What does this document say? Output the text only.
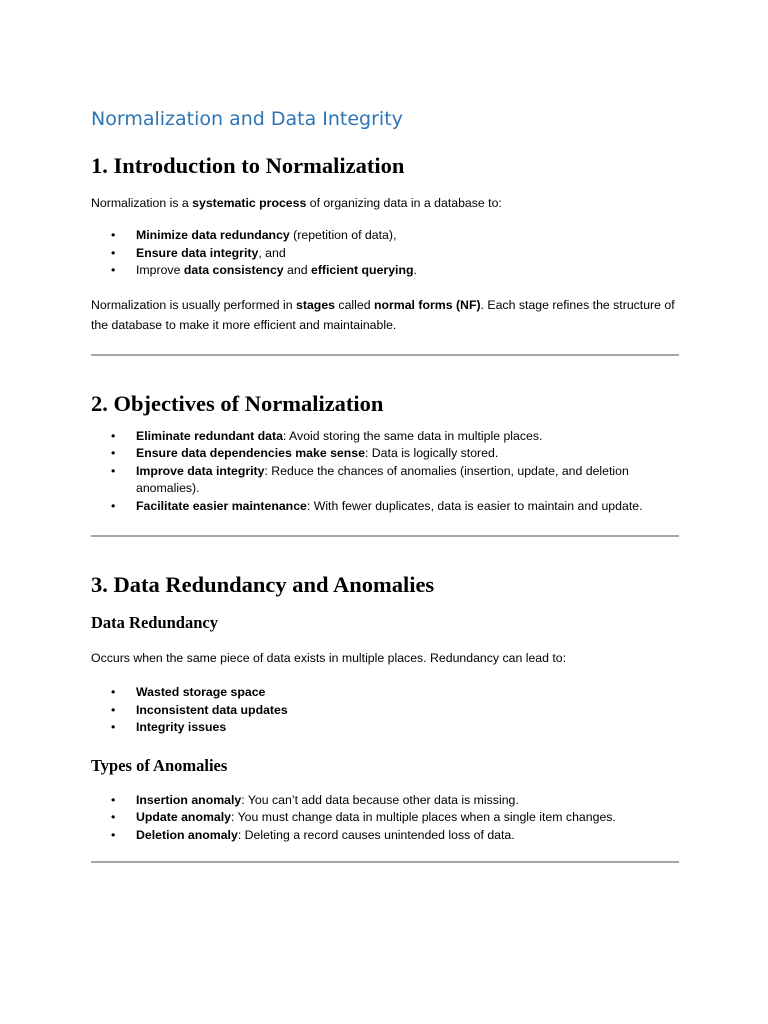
Normalization and Data Integrity
1. Introduction to Normalization

Normalization is a systematic process of organizing data in a database to:

• Minimize data redundancy (repetition of data),
• Ensure data integrity, and
• Improve data consistency and efficient querying.

Normalization is usually performed in stages called normal forms (NF). Each stage refines the structure of the database to make it more efficient and maintainable.

2. Objectives of Normalization
• Eliminate redundant data: Avoid storing the same data in multiple places.
• Ensure data dependencies make sense: Data is logically stored.
• Improve data integrity: Reduce the chances of anomalies (insertion, update, and deletion anomalies).
• Facilitate easier maintenance: With fewer duplicates, data is easier to maintain and update.
3. Data Redundancy and Anomalies
Data Redundancy

Occurs when the same piece of data exists in multiple places. Redundancy can lead to:

• Wasted storage space
• Inconsistent data updates
• Integrity issues
Types of Anomalies
• Insertion anomaly: You can’t add data because other data is missing.
• Update anomaly: You must change data in multiple places when a single item changes.
• Deletion anomaly: Deleting a record causes unintended loss of data.
